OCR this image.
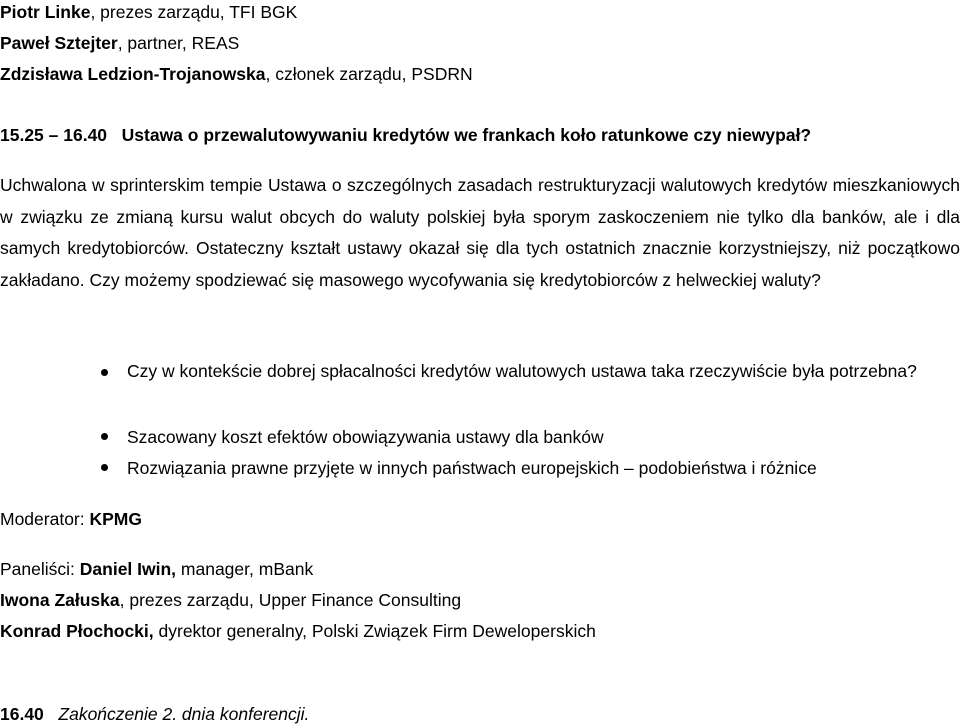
Piotr Linke, prezes zarządu, TFI BGK
Paweł Sztejter, partner, REAS
Zdzisława Ledzion-Trojanowska, członek zarządu, PSDRN
15.25 – 16.40 Ustawa o przewalutowywaniu kredytów we frankach koło ratunkowe czy niewypał?
Uchwalona w sprinterskim tempie Ustawa o szczególnych zasadach restrukturyzacji walutowych kredytów mieszkaniowych w związku ze zmianą kursu walut obcych do waluty polskiej była sporym zaskoczeniem nie tylko dla banków, ale i dla samych kredytobiorców. Ostateczny kształt ustawy okazał się dla tych ostatnich znacznie korzystniejszy, niż początkowo zakładano. Czy możemy spodziewać się masowego wycofywania się kredytobiorców z helweckiej waluty?
Czy w kontekście dobrej spłacalności kredytów walutowych ustawa taka rzeczywiście była potrzebna?
Szacowany koszt efektów obowiązywania ustawy dla banków
Rozwiązania prawne przyjęte w innych państwach europejskich – podobieństwa i różnice
Moderator: KPMG
Paneliści: Daniel Iwin, manager, mBank
Iwona Załuska, prezes zarządu, Upper Finance Consulting
Konrad Płochocki, dyrektor generalny, Polski Związek Firm Deweloperskich
16.40 Zakończenie 2. dnia konferencji.
